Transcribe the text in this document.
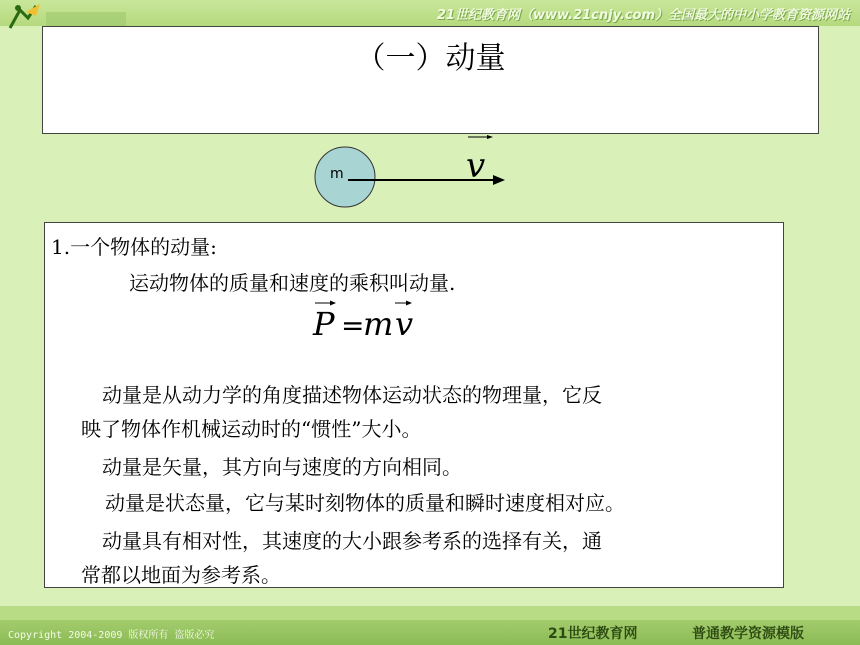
21世纪教育网（www.21cnjy.com）全国最大的中小学教育资源网站
（一）动量
m	v
1.一个物体的动量:
运动物体的质量和速度的乘积叫动量.
P =
m v
动量是从动力学的角度描述物体运动状态的物理量，它反
映了物体作机械运动时的“惯性”大小。
动量是矢量，其方向与速度的方向相同。
动量是状态量，它与某时刻物体的质量和瞬时速度相对应。
动量具有相对性，其速度的大小跟参考系的选择有关，通
常都以地面为参考系。
Copyright 2004-2009 版权所有 盗版必究	21世纪教育网	普通教学资源模版
